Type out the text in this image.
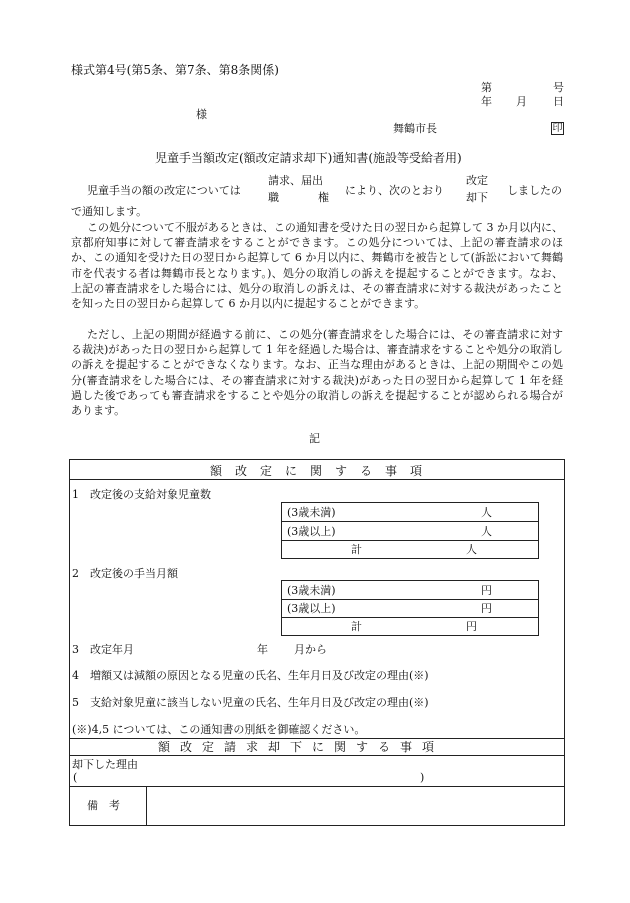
様式第4号(第5条、第7条、第8条関係)
第	号
年 月 日
様
舞鶴市長	印
児童手当額改定(額改定請求却下)通知書(施設等受給者用)
児童手当の額の改定については
請求、届出
職	権
により、次のとおり
改定
却下
しましたの
で通知します。
この処分について不服があるときは、この通知書を受けた日の翌日から起算して 3 か月以内に、京都府知事に対して審査請求をすることができます。この処分については、上記の審査請求のほか、この通知を受けた日の翌日から起算して 6 か月以内に、舞鶴市を被告として(訴訟において舞鶴市を代表する者は舞鶴市長となります。)、処分の取消しの訴えを提起することができます。なお、上記の審査請求をした場合には、処分の取消しの訴えは、その審査請求に対する裁決があったことを知った日の翌日から起算して 6 か月以内に提起することができます。
ただし、上記の期間が経過する前に、この処分(審査請求をした場合には、その審査請求に対する裁決)があった日の翌日から起算して 1 年を経過した場合は、審査請求をすることや処分の取消しの訴えを提起することができなくなります。なお、正当な理由があるときは、上記の期間やこの処分(審査請求をした場合には、その審査請求に対する裁決)があった日の翌日から起算して 1 年を経過した後であっても審査請求をすることや処分の取消しの訴えを提起することが認められる場合があります。
記
額改定に関する事項
1　改定後の支給対象児童数
(3歳未満)	人
(3歳以上)	人
計	人
2　改定後の手当月額
(3歳未満)	円
(3歳以上)	円
計	円
3　改定年月	年 月から
4　増額又は減額の原因となる児童の氏名、生年月日及び改定の理由(※)
5　支給対象児童に該当しない児童の氏名、生年月日及び改定の理由(※)
(※)4,5 については、この通知書の別紙を御確認ください。
額改定請求却下に関する事項
却下した理由
(	)
備　考
